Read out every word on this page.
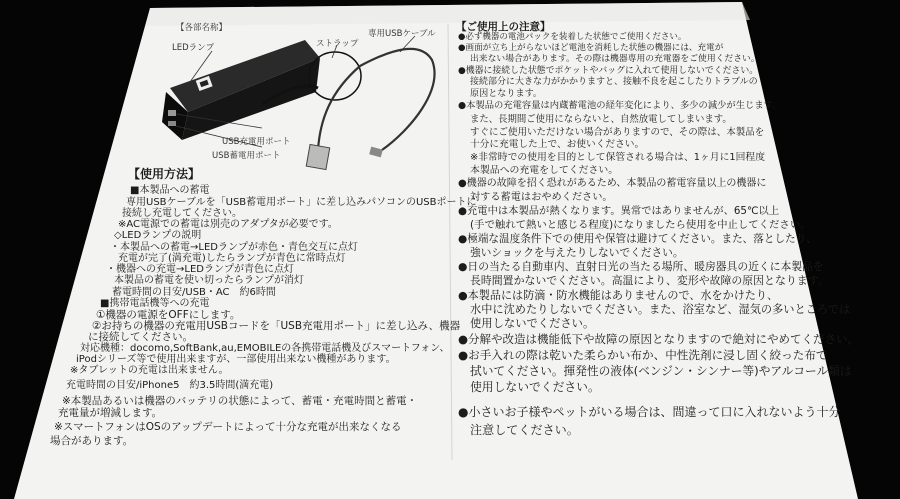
【各部名称】
LEDランプ	ストラップ
専用USBケーブル
USB充電用ポート
USB蓄電用ポート
【使用方法】
■本製品への蓄電
専用USBケーブルを「USB蓄電用ポート」に差し込みパソコンのUSBポートに
接続し充電してください。
※AC電源での蓄電は別売のアダプタが必要です。
◇LEDランプの説明
・本製品への蓄電→LEDランプが赤色・青色交互に点灯
充電が完了(満充電)したらランプが青色に常時点灯
・機器への充電→LEDランプが青色に点灯
本製品の蓄電を使い切ったらランプが消灯
蓄電時間の目安/USB・AC　約6時間
■携帯電話機等への充電
①機器の電源をOFFにします。
②お持ちの機器の充電用USBコードを「USB充電用ポート」に差し込み、機器
に接続してください。
対応機種：docomo,SoftBank,au,EMOBILEの各携帯電話機及びスマートフォン、
iPodシリーズ等で使用出来ますが、一部使用出来ない機種があります。
※タブレットの充電は出来ません。
充電時間の目安/iPhone5　約3.5時間(満充電)
※本製品あるいは機器のバッテリの状態によって、蓄電・充電時間と蓄電・
充電量が増減します。
※スマートフォンはOSのアップデートによって十分な充電が出来なくなる
場合があります。
【ご使用上の注意】
●必ず機器の電池パックを装着した状態でご使用ください。
●画面が立ち上がらないほど電池を消耗した状態の機器には、充電が
出来ない場合があります。その際は機器専用の充電器をご使用ください。
●機器に接続した状態でポケットやバッグに入れて使用しないでください。
接続部分に大きな力がかかりますと、接触不良を起こしたりトラブルの
原因となります。
●本製品の充電容量は内蔵蓄電池の経年変化により、多少の減少が生じます。
また、長期間ご使用にならないと、自然放電してしまいます。
すぐにご使用いただけない場合がありますので、その際は、本製品を
十分に充電した上で、お使いください。
※非常時での使用を目的として保管される場合は、1ヶ月に1回程度
本製品への充電をしてください。
●機器の故障を招く恐れがあるため、本製品の蓄電容量以上の機器に
対する蓄電はおやめください。
●充電中は本製品が熱くなります。異常ではありませんが、65℃以上
(手で触れて熱いと感じる程度)になりましたら使用を中止してください。
●極端な温度条件下での使用や保管は避けてください。また、落としたり、
強いショックを与えたりしないでください。
●日の当たる自動車内、直射日光の当たる場所、暖房器具の近くに本製品を
長時間置かないでください。高温により、変形や故障の原因となります。
●本製品には防滴・防水機能はありませんので、水をかけたり、
水中に沈めたりしないでください。また、浴室など、湿気の多いところでは
使用しないでください。
●分解や改造は機能低下や故障の原因となりますので絶対にやめてください。
●お手入れの際は乾いた柔らかい布か、中性洗剤に浸し固く絞った布で
拭いてください。揮発性の液体(ベンジン・シンナー等)やアルコール類は
使用しないでください。
●小さいお子様やペットがいる場合は、間違って口に入れないよう十分
注意してください。
